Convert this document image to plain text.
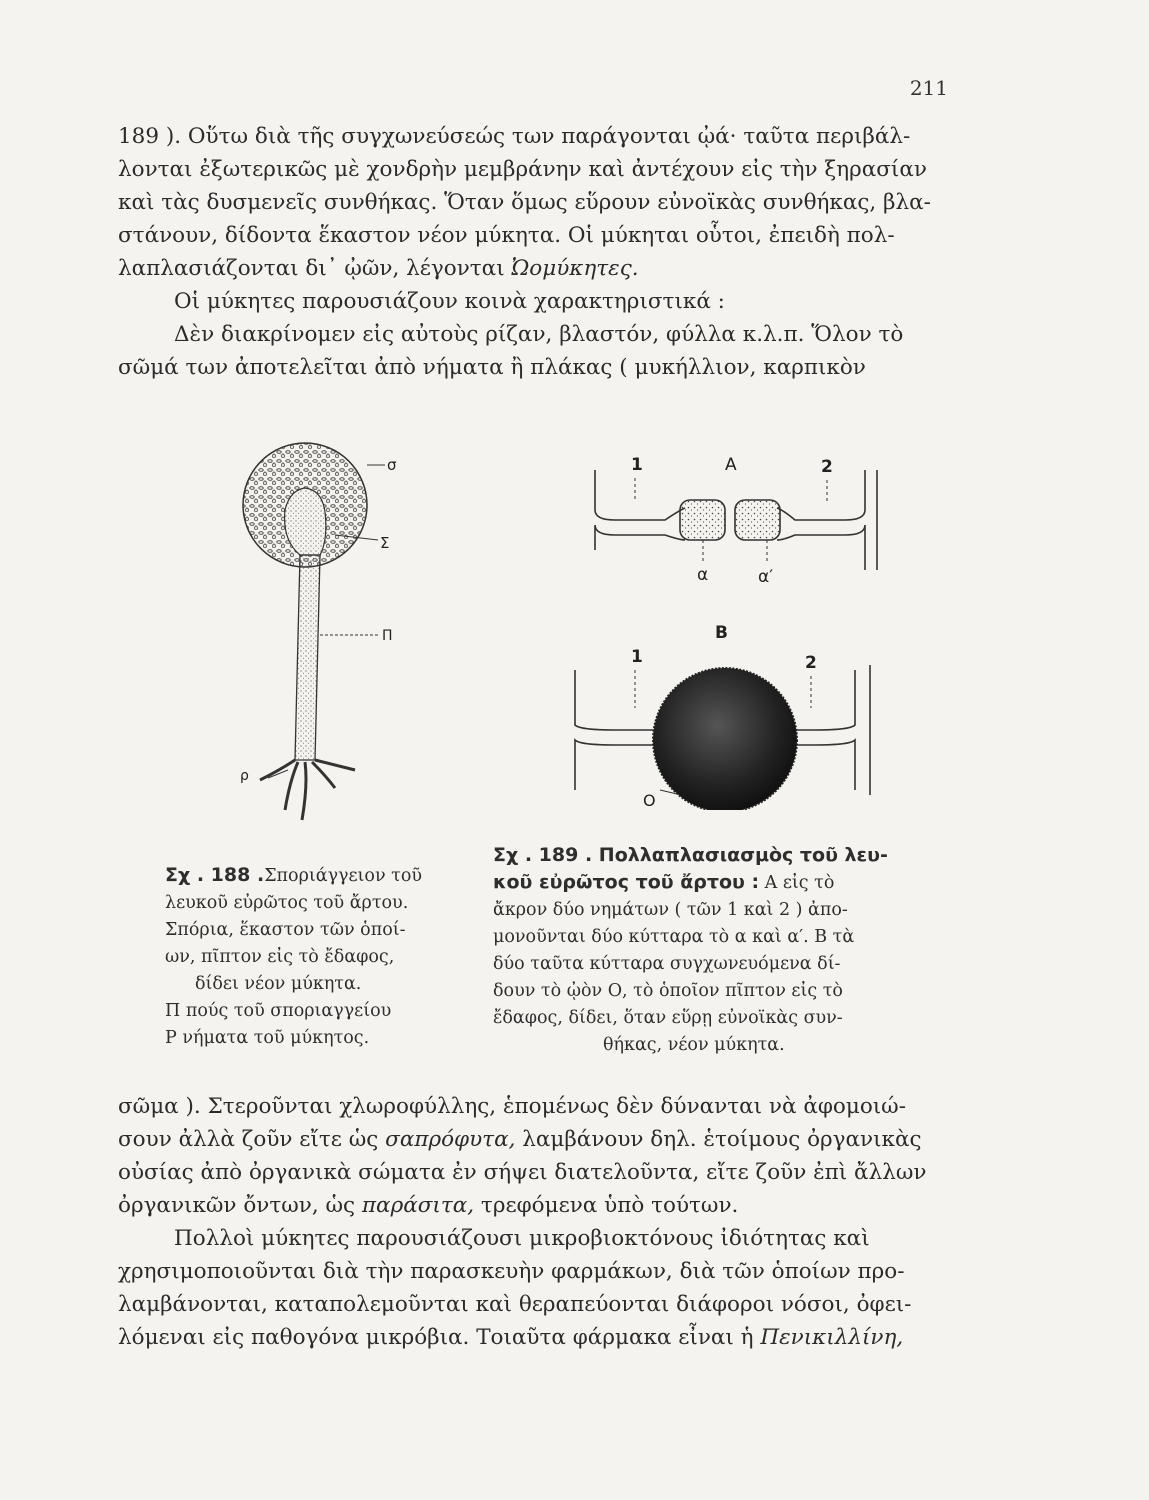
211
189 ). Οὕτω διὰ τῆς συγχωνεύσεώς των παράγονται ᾠά· ταῦτα περιβάλ-
λονται ἐξωτερικῶς μὲ χονδρὴν μεμβράνην καὶ ἀντέχουν εἰς τὴν ξηρασίαν
καὶ τὰς δυσμενεῖς συνθήκας. Ὅταν ὅμως εὕρουν εὐνοϊκὰς συνθήκας, βλα-
στάνουν, δίδοντα ἕκαστον νέον μύκητα. Οἱ μύκηται οὗτοι, ἐπειδὴ πολ-
λαπλασιάζονται δι᾽ ᾠῶν, λέγονται Ὠομύκητες.
Οἱ μύκητες παρουσιάζουν κοινὰ χαρακτηριστικά :
Δὲν διακρίνομεν εἰς αὐτοὺς ρίζαν, βλαστόν, φύλλα κ.λ.π. Ὅλον τὸ
σῶμά των ἀποτελεῖται ἀπὸ νήματα ἢ πλάκας ( μυκήλλιον, καρπικὸν
σ
Σ
Π
ρ
Α
1	2
α	α′
Β
1	2
Ο
Σχ . 188 .Σποριάγγειον τοῦ
λευκοῦ εὐρῶτος τοῦ ἄρτου.
Σπόρια, ἕκαστον τῶν ὁποί-
ων, πῖπτον εἰς τὸ ἔδαφος,
δίδει νέον μύκητα.
Π πούς τοῦ σποριαγγείου
Ρ νήματα τοῦ μύκητος.
Σχ . 189 . Πολλαπλασιασμὸς τοῦ λευ-
κοῦ εὐρῶτος τοῦ ἄρτου : Α εἰς τὸ
ἄκρον δύο νημάτων ( τῶν 1 καὶ 2 ) ἀπο-
μονοῦνται δύο κύτταρα τὸ α καὶ α′. Β τὰ
δύο ταῦτα κύτταρα συγχωνευόμενα δί-
δουν τὸ ᾠὸν Ο, τὸ ὁποῖον πῖπτον εἰς τὸ
ἔδαφος, δίδει, ὅταν εὕρῃ εὐνοϊκὰς συν-
θήκας, νέον μύκητα.
σῶμα ). Στεροῦνται χλωροφύλλης, ἑπομένως δὲν δύνανται νὰ ἀφομοιώ-
σουν ἀλλὰ ζοῦν εἴτε ὡς σαπρόφυτα, λαμβάνουν δηλ. ἑτοίμους ὀργανικὰς
οὐσίας ἀπὸ ὀργανικὰ σώματα ἐν σήψει διατελοῦντα, εἴτε ζοῦν ἐπὶ ἄλλων
ὀργανικῶν ὄντων, ὡς παράσιτα, τρεφόμενα ὑπὸ τούτων.
Πολλοὶ μύκητες παρουσιάζουσι μικροβιοκτόνους ἰδιότητας καὶ
χρησιμοποιοῦνται διὰ τὴν παρασκευὴν φαρμάκων, διὰ τῶν ὁποίων προ-
λαμβάνονται, καταπολεμοῦνται καὶ θεραπεύονται διάφοροι νόσοι, ὀφει-
λόμεναι εἰς παθογόνα μικρόβια. Τοιαῦτα φάρμακα εἶναι ἡ Πενικιλλίνη,
